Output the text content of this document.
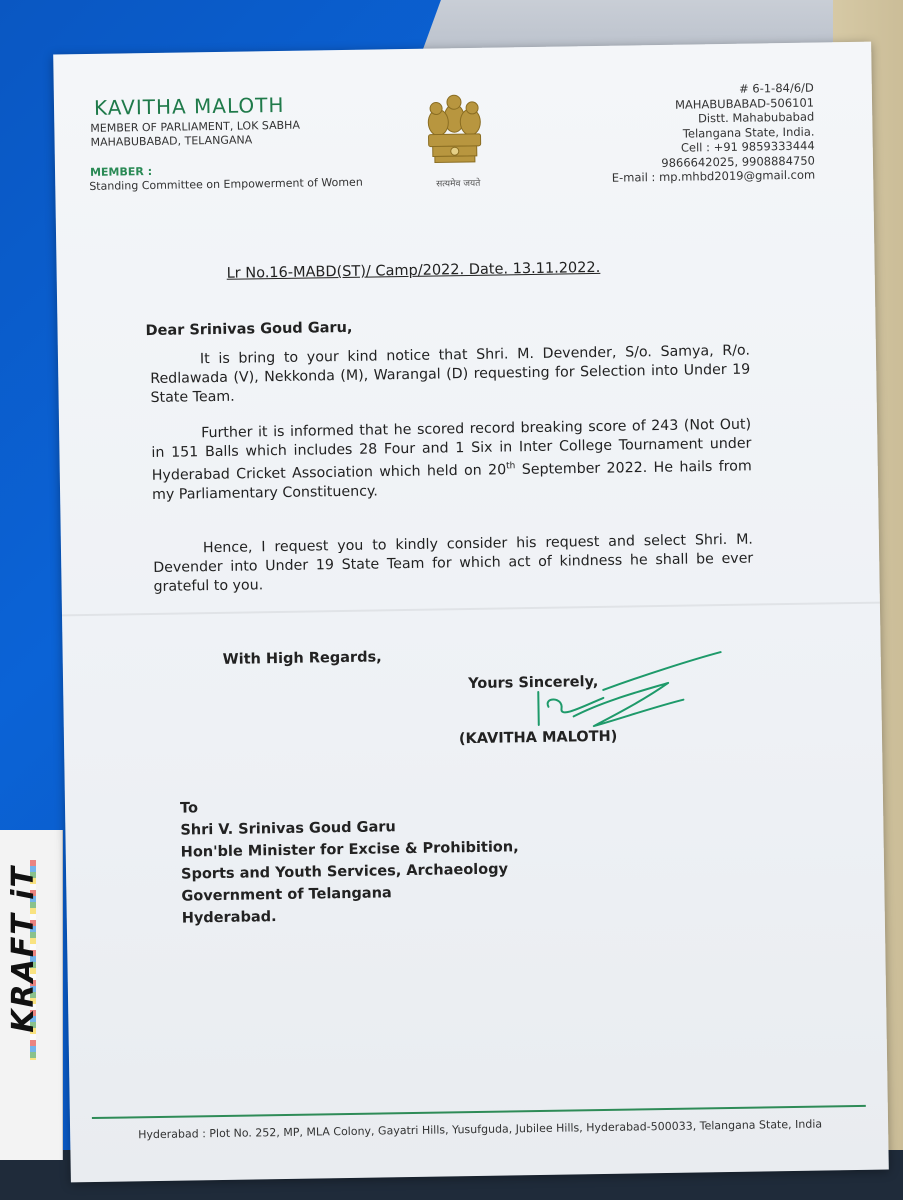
KRAFT iT
KAVITHA MALOTH
MEMBER OF PARLIAMENT, LOK SABHA
MAHABUBABAD, TELANGANA
MEMBER :
Standing Committee on Empowerment of Women	सत्यमेव जयते
# 6-1-84/6/D
MAHABUBABAD-506101
Distt. Mahabubabad
Telangana State, India.
Cell : +91 9859333444
9866642025, 9908884750
E-mail : mp.mhbd2019@gmail.com
Lr No.16-MABD(ST)/ Camp/2022. Date. 13.11.2022.
Dear Srinivas Goud Garu,
It is bring to your kind notice that Shri. M. Devender, S/o. Samya, R/o. Redlawada (V), Nekkonda (M), Warangal (D) requesting for Selection into Under 19 State Team.
Further it is informed that he scored record breaking score of 243 (Not Out) in 151 Balls which includes 28 Four and 1 Six in Inter College Tournament under Hyderabad Cricket Association which held on 20th September 2022. He hails from my Parliamentary Constituency.
Hence, I request you to kindly consider his request and select Shri. M. Devender into Under 19 State Team for which act of kindness he shall be ever grateful to you.
With High Regards,
Yours Sincerely,
(KAVITHA MALOTH)
To
Shri V. Srinivas Goud Garu
Hon'ble Minister for Excise & Prohibition,
Sports and Youth Services, Archaeology
Government of Telangana
Hyderabad.
Hyderabad : Plot No. 252, MP, MLA Colony, Gayatri Hills, Yusufguda, Jubilee Hills, Hyderabad-500033, Telangana State, India
